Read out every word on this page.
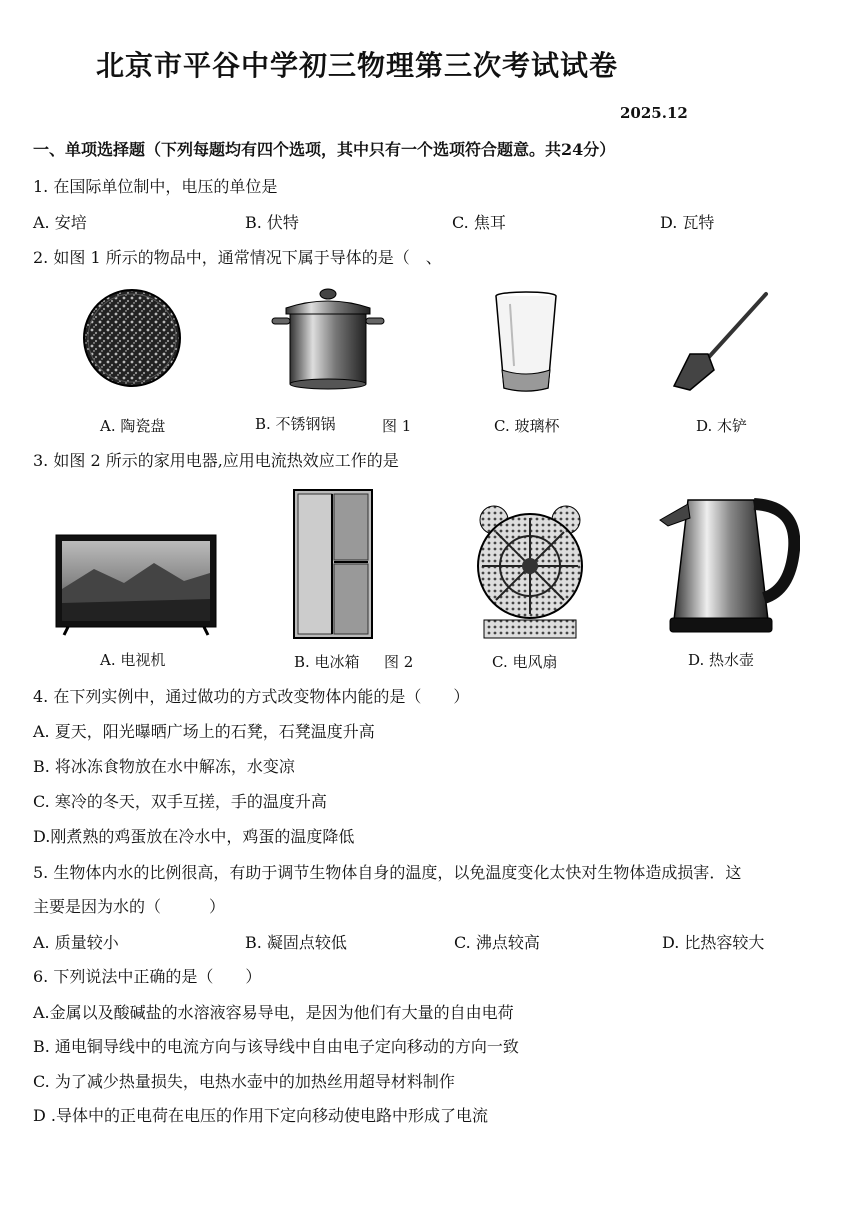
北京市平谷中学初三物理第三次考试试卷
2025.12
一、单项选择题（下列每题均有四个选项，其中只有一个选项符合题意。共24分）
1. 在国际单位制中，电压的单位是
A. 安培	B. 伏特	C. 焦耳	D. 瓦特
2. 如图 1 所示的物品中，通常情况下属于导体的是（　、
A. 陶瓷盘	B. 不锈钢锅	图 1	C. 玻璃杯	D. 木铲
3. 如图 2 所示的家用电器,应用电流热效应工作的是
A. 电视机	B. 电冰箱 图 2	C. 电风扇	D. 热水壶
4. 在下列实例中，通过做功的方式改变物体内能的是（　　）
A. 夏天，阳光曝晒广场上的石凳，石凳温度升高
B. 将冰冻食物放在水中解冻，水变凉
C. 寒冷的冬天，双手互搓，手的温度升高
D.刚煮熟的鸡蛋放在冷水中，鸡蛋的温度降低
5. 生物体内水的比例很高，有助于调节生物体自身的温度，以免温度变化太快对生物体造成损害．这
主要是因为水的（　　　）
A. 质量较小	B. 凝固点较低	C. 沸点较高	D. 比热容较大
6. 下列说法中正确的是（　　）
A.金属以及酸碱盐的水溶液容易导电，是因为他们有大量的自由电荷
B. 通电铜导线中的电流方向与该导线中自由电子定向移动的方向一致
C. 为了减少热量损失，电热水壶中的加热丝用超导材料制作
D .导体中的正电荷在电压的作用下定向移动使电路中形成了电流
